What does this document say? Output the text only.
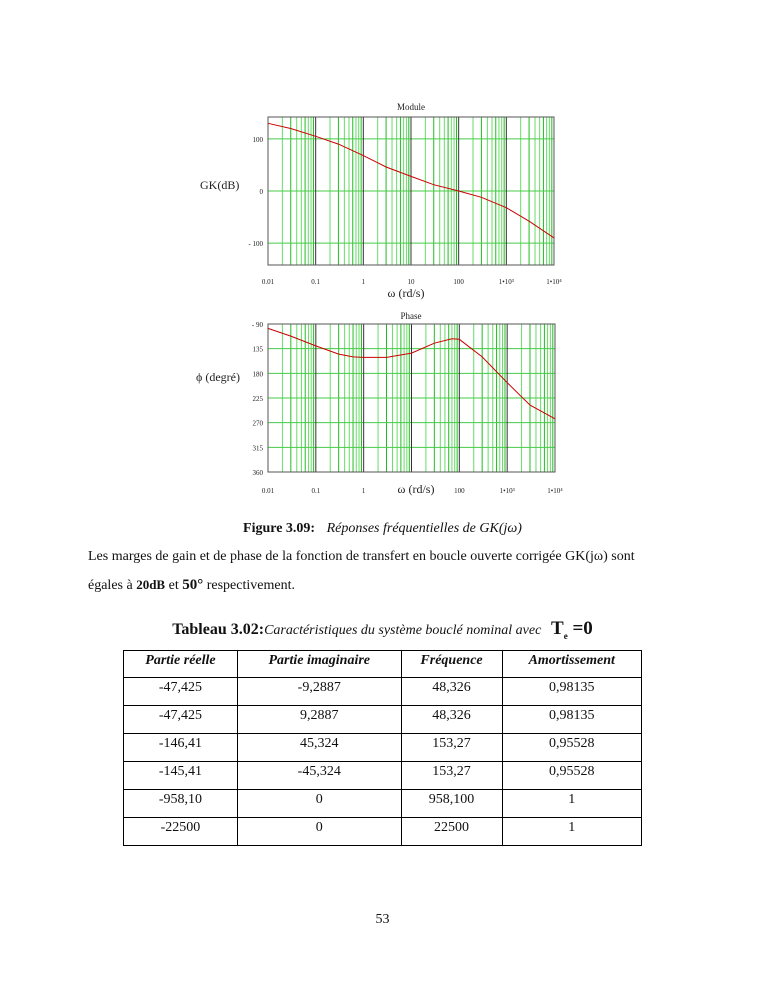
Module
GK(dB)
ω (rd/s)
100
0
- 100
0.01	0.1	1	10	100	1•10³	1•10⁴
Phase
ϕ (degré)
ω (rd/s)
- 90
135
180
225
270
315
360
0.01	0.1	1	100	1•10³	1•10⁴
Figure 3.09: Réponses fréquentielles de GK(jω)
Les marges de gain et de phase de la fonction de transfert en boucle ouverte corrigée GK(jω) sont
égales à 20dB et 50° respectivement.
Tableau 3.02:Caractéristiques du système bouclé nominal avec $T_e =0$
Partie réelle	Partie imaginaire	Fréquence	Amortissement
-47,425	-9,2887	48,326	0,98135
-47,425	9,2887	48,326	0,98135
-146,41	45,324	153,27	0,95528
-145,41	-45,324	153,27	0,95528
-958,10	0	958,100	1
-22500	0	22500	1
53
